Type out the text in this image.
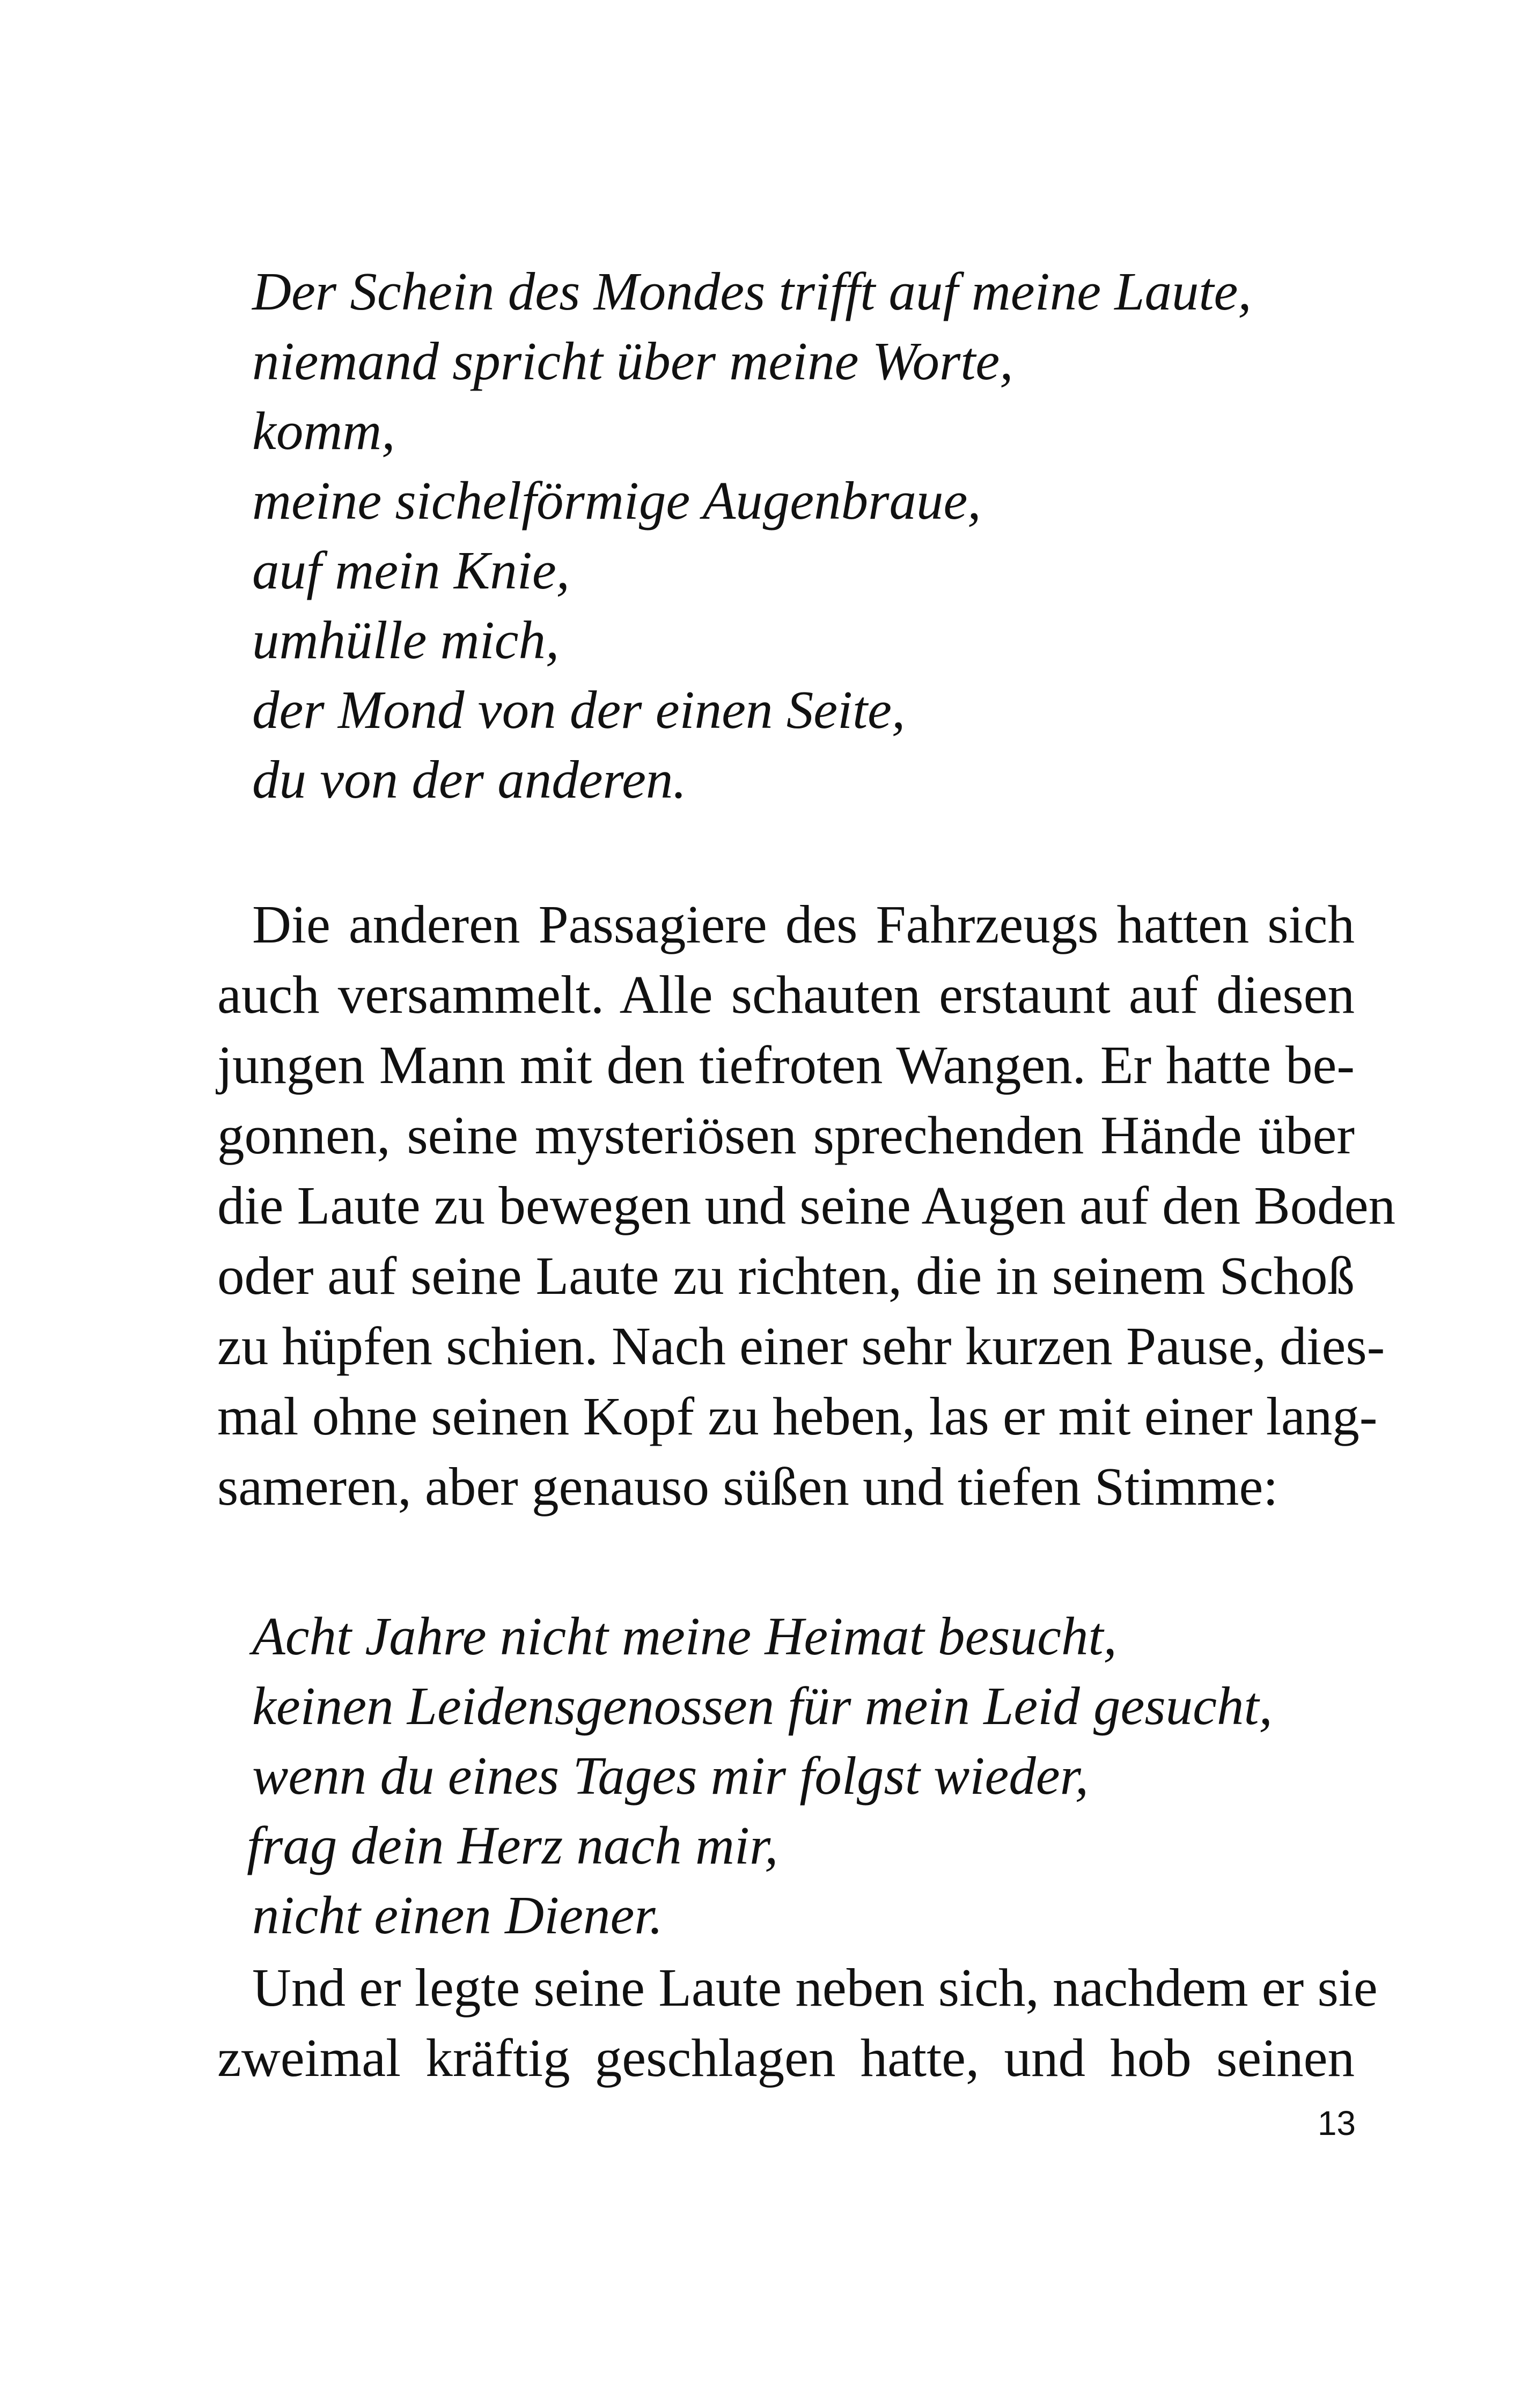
Der Schein des Mondes trifft auf meine Laute,
niemand spricht über meine Worte,
komm,
meine sichelförmige Augenbraue,
auf mein Knie,
umhülle mich,
der Mond von der einen Seite,
du von der anderen.
Die anderen Passagiere des Fahrzeugs hatten sich
auch versammelt. Alle schauten erstaunt auf diesen
jungen Mann mit den tiefroten Wangen. Er hatte be-
gonnen, seine mysteriösen sprechenden Hände über
die Laute zu bewegen und seine Augen auf den Boden
oder auf seine Laute zu richten, die in seinem Schoß
zu hüpfen schien. Nach einer sehr kurzen Pause, dies-
mal ohne seinen Kopf zu heben, las er mit einer lang-
sameren, aber genauso süßen und tiefen Stimme:
Acht Jahre nicht meine Heimat besucht,
keinen Leidensgenossen für mein Leid gesucht,
wenn du eines Tages mir folgst wieder,
frag dein Herz nach mir,
nicht einen Diener.
Und er legte seine Laute neben sich, nachdem er sie
zweimal kräftig geschlagen hatte, und hob seinen
13
